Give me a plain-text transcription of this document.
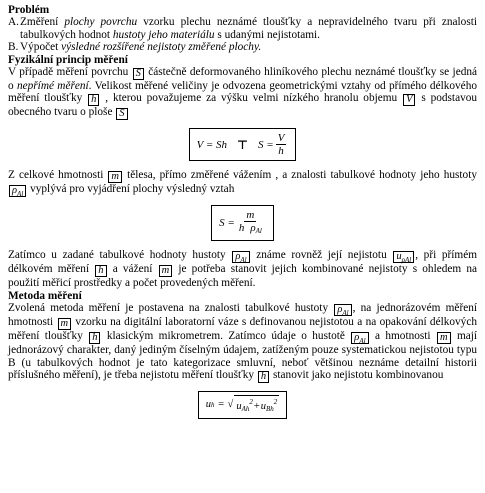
Problém

A. Změření plochy povrchu vzorku plechu neznámé tloušťky a nepravidelného tvaru při znalosti tabulkových hodnot hustoty jeho materiálu s udanými nejistotami.
B. Výpočet výsledné rozšířené nejistoty změřené plochy.

Fyzikální princip měření

V případě měření povrchu S částečně deformovaného hliníkového plechu neznámé tloušťky se jedná o nepřímé měření. Velikost měřené veličiny je odvozena geometrickými vztahy od přímého délkového měření tloušťky h , kterou považujeme za výšku velmi nízkého hranolu objemu V s podstavou obecného tvaru o ploše S

V = Sh ⊤ $S = \frac{V}{h}$

Z celkové hmotnosti m tělesa, přímo změřené vážením , a znalosti tabulkové hodnoty jeho hustoty $\rho_{Al}$ vyplývá pro vyjádření plochy výsledný vztah

$S = \frac{m}{h \rho_{Al}}$

Zatímco u zadané tabulkové hodnoty hustoty $\rho_{Al}$ známe rovněž její nejistotu $u_{\rho Al}$ , při přímém délkovém měření h a vážení m je potřeba stanovit jejich kombinované nejistoty s ohledem na použití měřicí prostředky a počet provedených měření.

Metoda měření

Zvolená metoda měření je postavena na znalosti tabulkové hustoty $\rho_{Al}$ , na jednorázovém měření hmotnosti m vzorku na digitální laboratorní váze s definovanou nejistotou a na opakování délkových měření tloušťky h klasickým mikrometrem. Zatímco údaje o hustotě $\rho_{Al}$ a hmotnosti m mají jednorázový charakter, daný jediným číselným údajem, zatíženým pouze systematickou nejistotou typu B (u tabulkových hodnot je tato kategorizace smluvní, neboť většinou neznáme detailní historii příslušného měření), je třeba nejistotu měření tloušťky h stanovit jako nejistotu kombinovanou

u h = √ $u_{Ah}^2+u_{Bh}^2$
